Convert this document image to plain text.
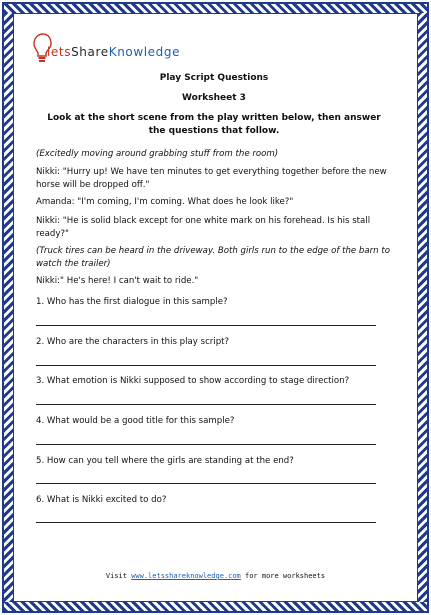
letsShareKnowledge
Play Script Questions
Worksheet 3
Look at the short scene from the play written below, then answer the questions that follow.
(Excitedly moving around grabbing stuff from the room)
Nikki: "Hurry up! We have ten minutes to get everything together before the new horse will be dropped off."
Amanda: "I'm coming, I'm coming. What does he look like?"
Nikki: "He is solid black except for one white mark on his forehead. Is his stall ready?"
(Truck tires can be heard in the driveway. Both girls run to the edge of the barn to watch the trailer)
Nikki:" He's here! I can't wait to ride."
1. Who has the first dialogue in this sample?
2. Who are the characters in this play script?
3. What emotion is Nikki supposed to show according to stage direction?
4. What would be a good title for this sample?
5. How can you tell where the girls are standing at the end?
6. What is Nikki excited to do?
Visit www.letsshareknowledge.com for more worksheets
